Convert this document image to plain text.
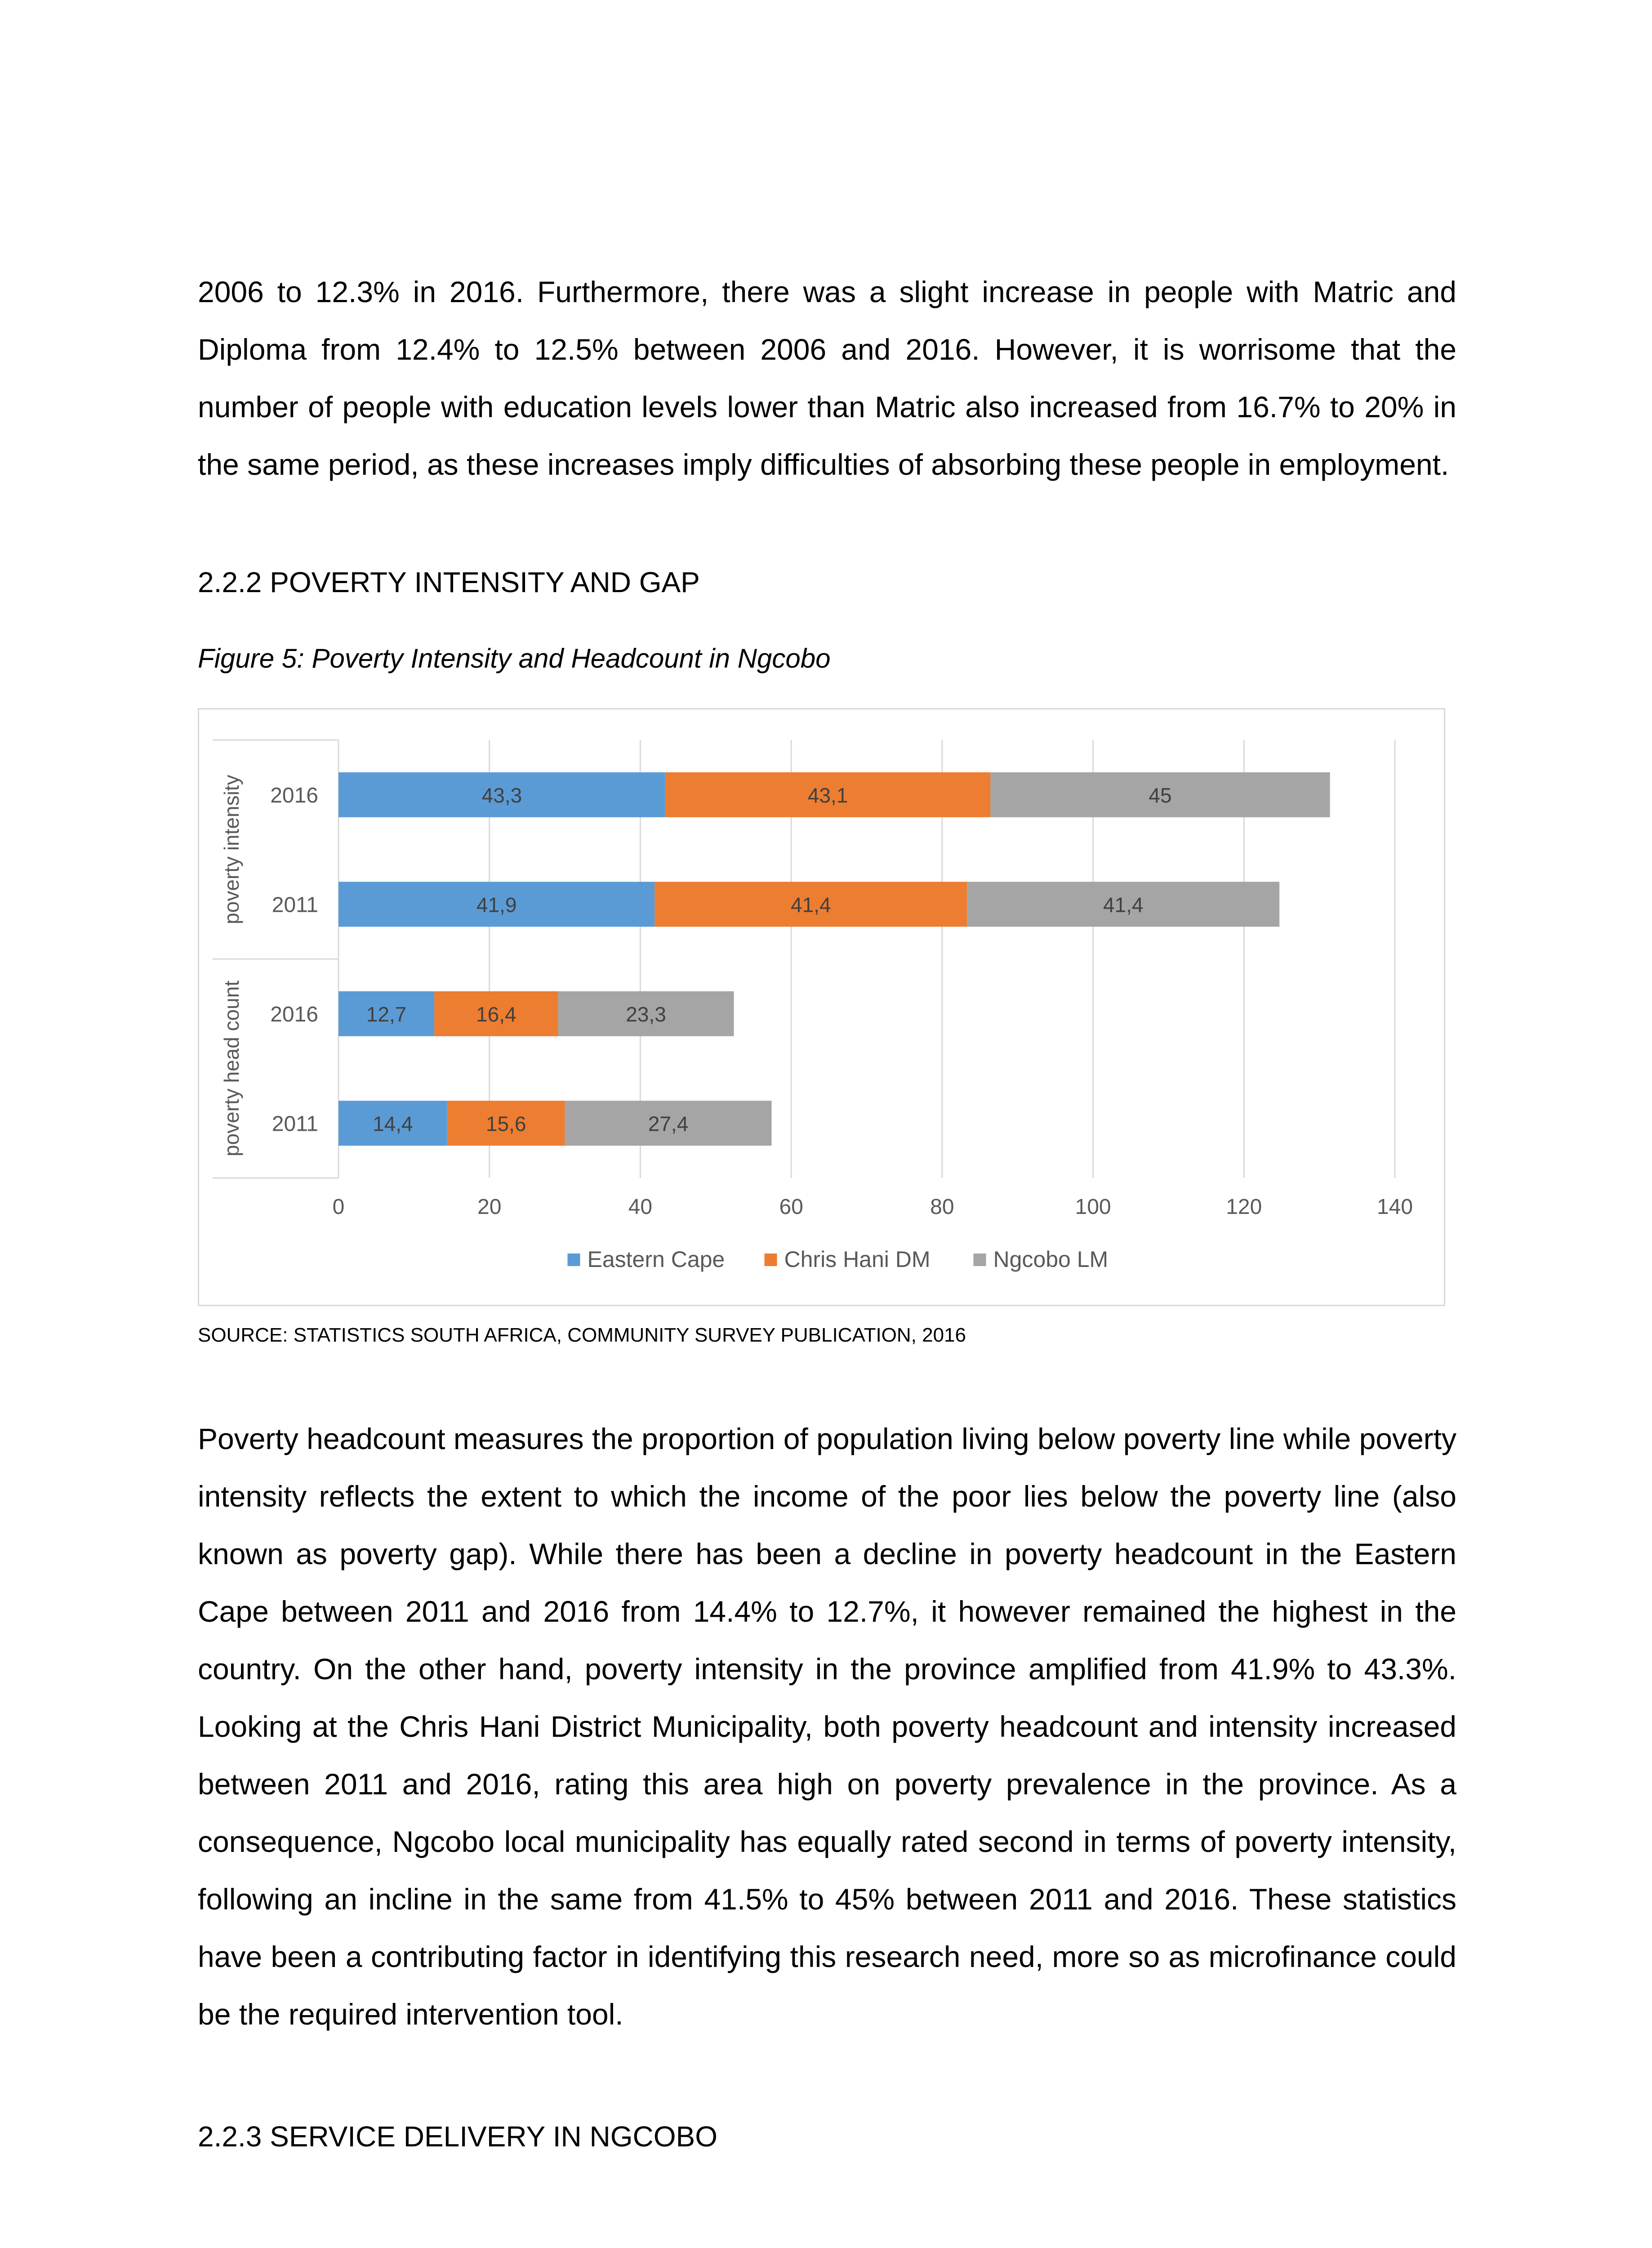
2006 to 12.3% in 2016. Furthermore, there was a slight increase in people with Matric and Diploma from 12.4% to 12.5% between 2006 and 2016. However, it is worrisome that the number of people with education levels lower than Matric also increased from 16.7% to 20% in the same period, as these increases imply difficulties of absorbing these people in employment.

2.2.2 POVERTY INTENSITY AND GAP

Figure 5: Poverty Intensity and Headcount in Ngcobo

poverty intensity
poverty head count
2016	43,3	43,1	45
2011	41,9	41,4	41,4
2016 12,7	16,4	23,3
2011	14,4	15,6	27,4
0	20	40	60	80	100	120	140
Eastern Cape	Chris Hani DM	Ngcobo LM

SOURCE: STATISTICS SOUTH AFRICA, COMMUNITY SURVEY PUBLICATION, 2016

Poverty headcount measures the proportion of population living below poverty line while poverty intensity reflects the extent to which the income of the poor lies below the poverty line (also known as poverty gap). While there has been a decline in poverty headcount in the Eastern Cape between 2011 and 2016 from 14.4% to 12.7%, it however remained the highest in the country. On the other hand, poverty intensity in the province amplified from 41.9% to 43.3%. Looking at the Chris Hani District Municipality, both poverty headcount and intensity increased between 2011 and 2016, rating this area high on poverty prevalence in the province. As a consequence, Ngcobo local municipality has equally rated second in terms of poverty intensity, following an incline in the same from 41.5% to 45% between 2011 and 2016. These statistics have been a contributing factor in identifying this research need, more so as microfinance could be the required intervention tool.

2.2.3 SERVICE DELIVERY IN NGCOBO
